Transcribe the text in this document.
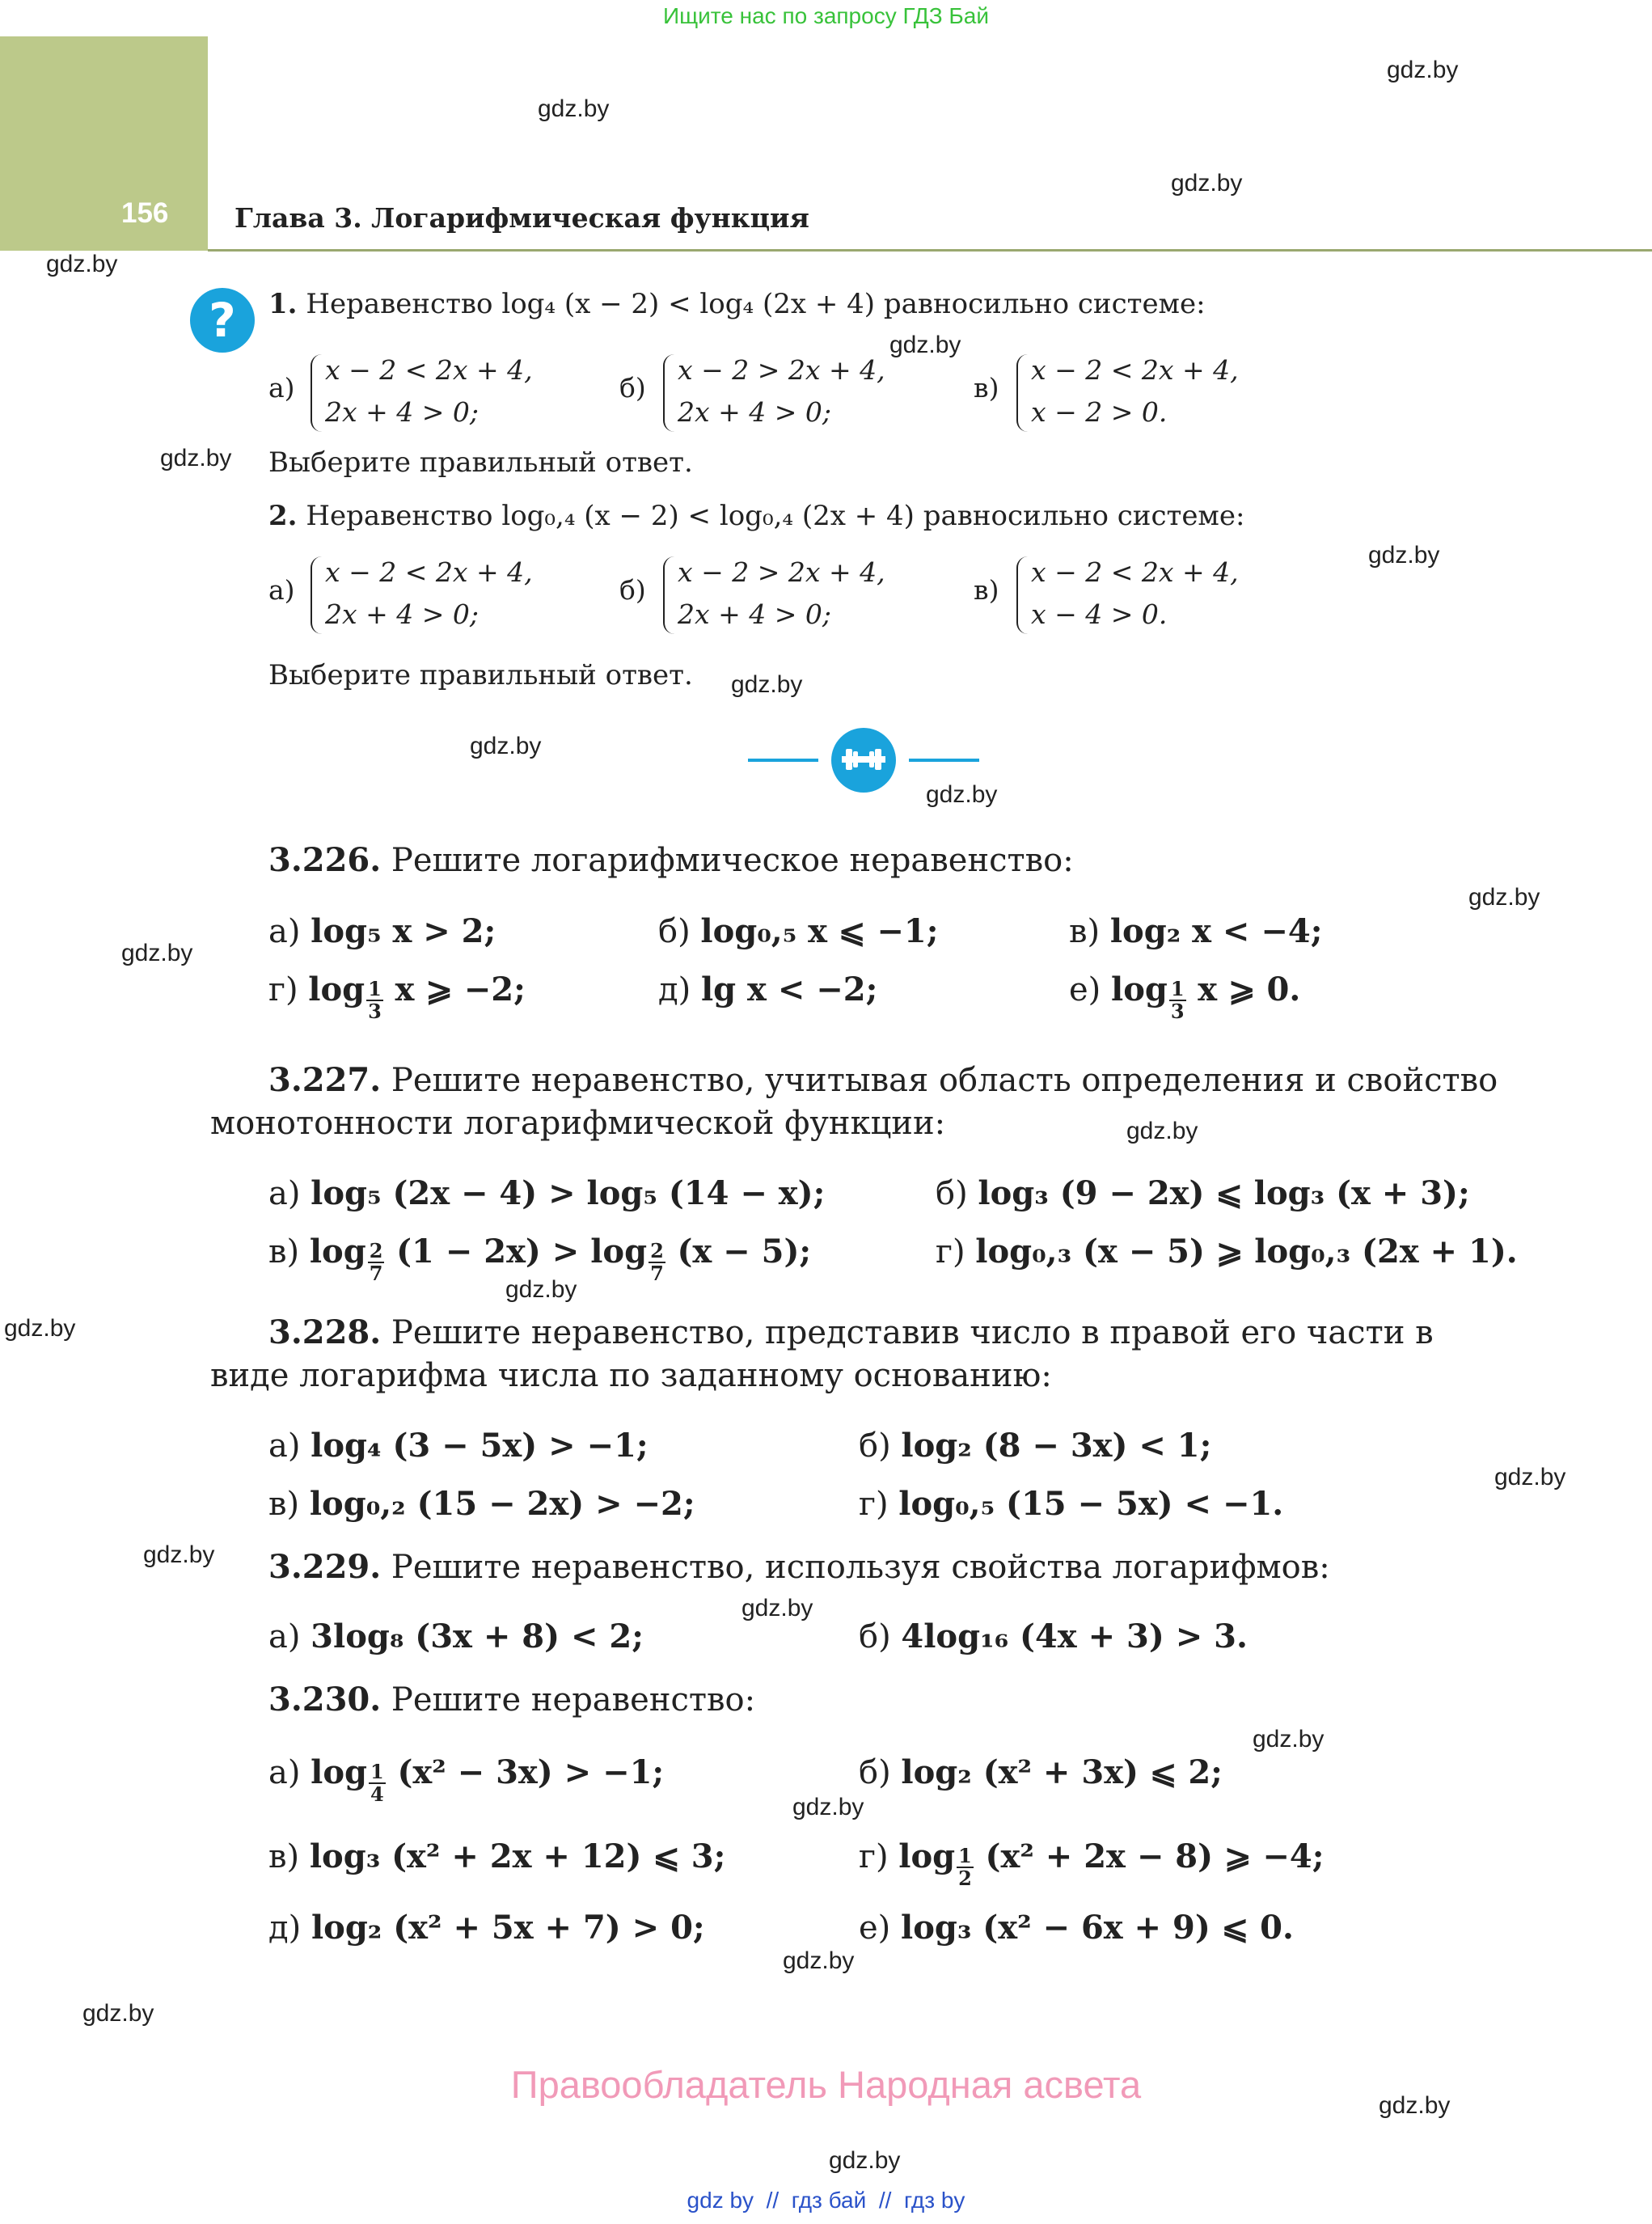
Ищите нас по запросу ГДЗ Бай
156 Глава 3. Логарифмическая функция
gdz.by
gdz.by
gdz.by
gdz.by
gdz.by
gdz.by
gdz.by
gdz.by
gdz.by
gdz.by
gdz.by
gdz.by
gdz.by
gdz.by
gdz.by
gdz.by
gdz.by
gdz.by
gdz.by
gdz.by
gdz.by
gdz.by
gdz.by
gdz.by
?	1. Неравенство log₄ (x − 2) < log₄ (2x + 4) равносильно системе:
а)
x − 2 < 2x + 4,
2x + 4 > 0;
б)
x − 2 > 2x + 4,
2x + 4 > 0;
в)
x − 2 < 2x + 4,
x − 2 > 0.
Выберите правильный ответ.
2. Неравенство log₀,₄ (x − 2) < log₀,₄ (2x + 4) равносильно системе:
а)
x − 2 < 2x + 4,
2x + 4 > 0;
б)
x − 2 > 2x + 4,
2x + 4 > 0;
в)
x − 2 < 2x + 4,
x − 4 > 0.
Выберите правильный ответ.
3.226. Решите логарифмическое неравенство:
а) log₅ x > 2;	б) log₀,₅ x ⩽ −1;	в) log₂ x < −4;
г) $\log \frac{1}{3}$ x ⩾ −2;	д) lg x < −2;	е) $\log \frac{1}{3}$ x ⩾ 0.
3.227. Решите неравенство, учитывая область определения и свойство
монотонности логарифмической функции:
а) log₅ (2x − 4) > log₅ (14 − x);	б) log₃ (9 − 2x) ⩽ log₃ (x + 3);
в) $\log \frac{2}{7} (1 - 2x) > \log \frac{2}{7} (x - 5)$;	г) log₀,₃ (x − 5) ⩾ log₀,₃ (2x + 1).
3.228. Решите неравенство, представив число в правой его части в
виде логарифма числа по заданному основанию:
а) log₄ (3 − 5x) > −1;	б) log₂ (8 − 3x) < 1;
в) log₀,₂ (15 − 2x) > −2;	г) log₀,₅ (15 − 5x) < −1.
3.229. Решите неравенство, используя свойства логарифмов:
а) 3log₈ (3x + 8) < 2;	б) 4log₁₆ (4x + 3) > 3.
3.230. Решите неравенство:
а) $\log \frac{1}{4} (x^2 - 3x) > -1$;	б) log₂ (x² + 3x) ⩽ 2;
в) log₃ (x² + 2x + 12) ⩽ 3;	г) $\log \frac{1}{2} (x^2 + 2x - 8)$ ⩾ −4;
д) log₂ (x² + 5x + 7) > 0;	е) log₃ (x² − 6x + 9) ⩽ 0.
Правообладатель Народная асвета
gdz by // гдз бай // гдз by
